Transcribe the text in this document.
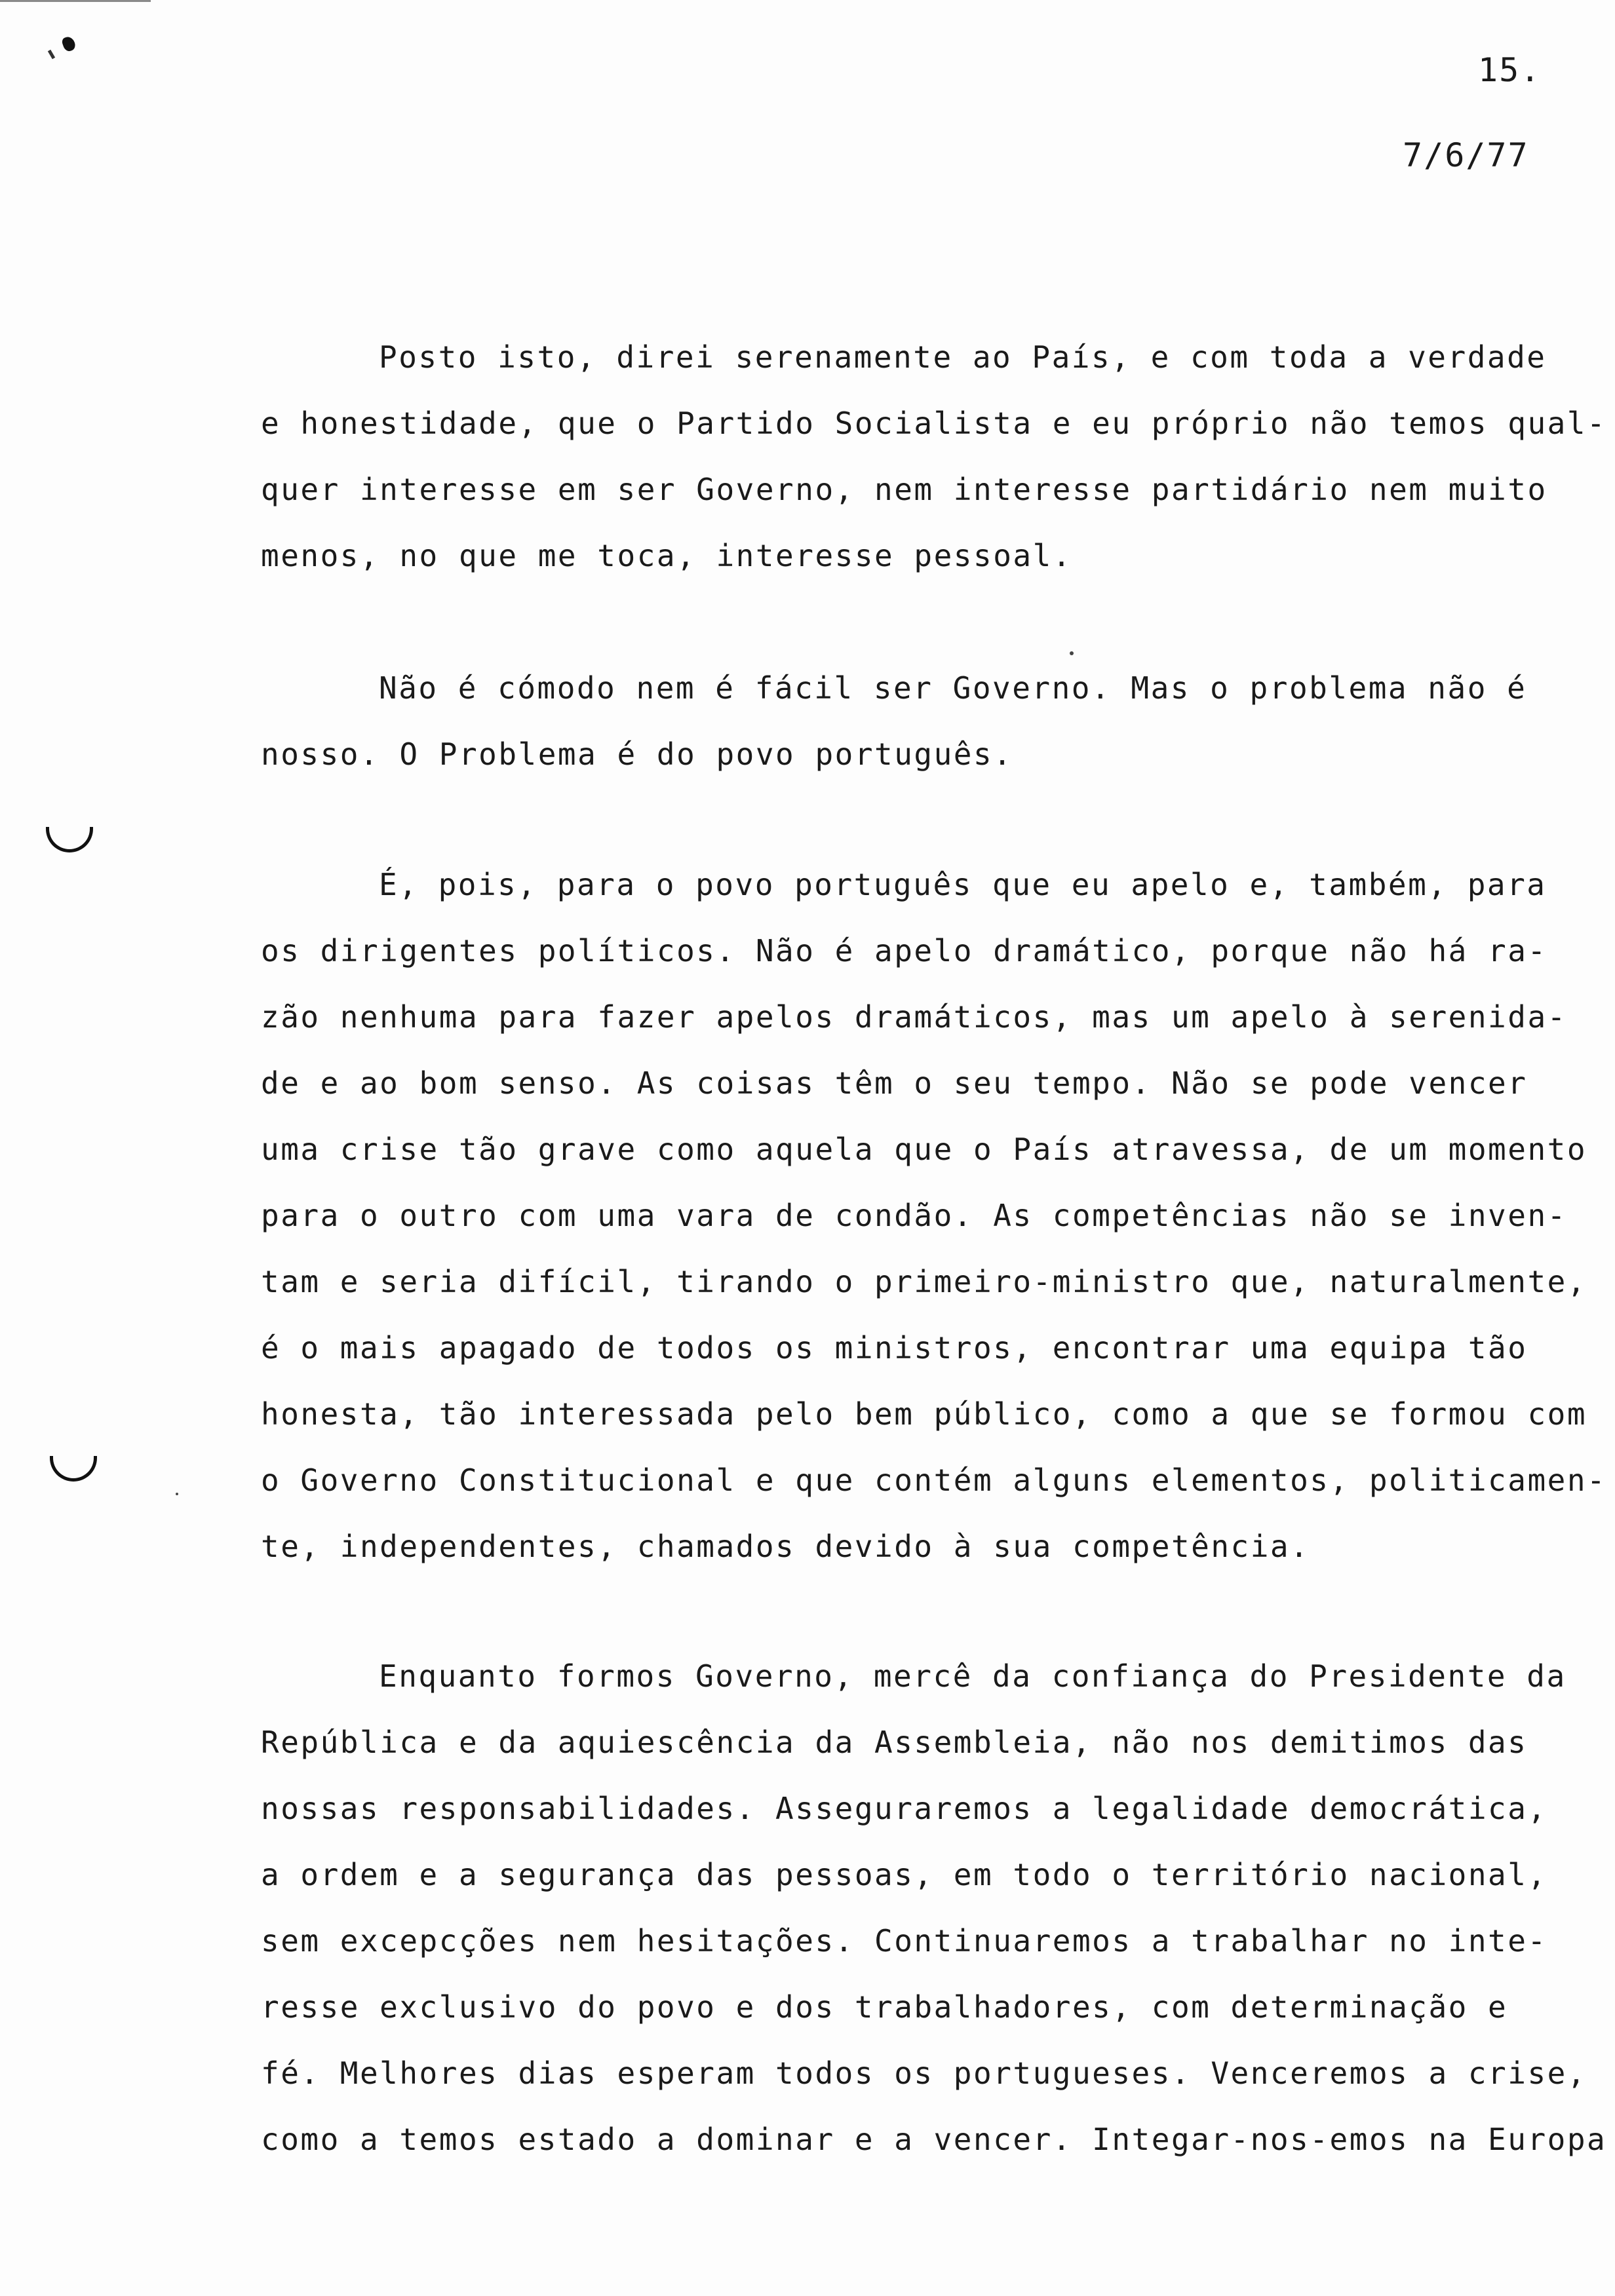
15.
7/6/77
Posto isto, direi serenamente ao País, e com toda a verdade
e honestidade, que o Partido Socialista e eu próprio não temos qual-
quer interesse em ser Governo, nem interesse partidário nem muito
menos, no que me toca, interesse pessoal.
Não é cómodo nem é fácil ser Governo. Mas o problema não é
nosso. O Problema é do povo português.
É, pois, para o povo português que eu apelo e, também, para
os dirigentes políticos. Não é apelo dramático, porque não há ra-
zão nenhuma para fazer apelos dramáticos, mas um apelo à serenida-
de e ao bom senso. As coisas têm o seu tempo. Não se pode vencer
uma crise tão grave como aquela que o País atravessa, de um momento
para o outro com uma vara de condão. As competências não se inven-
tam e seria difícil, tirando o primeiro-ministro que, naturalmente,
é o mais apagado de todos os ministros, encontrar uma equipa tão
honesta, tão interessada pelo bem público, como a que se formou com
o Governo Constitucional e que contém alguns elementos, politicamen-
te, independentes, chamados devido à sua competência.
Enquanto formos Governo, mercê da confiança do Presidente da
República e da aquiescência da Assembleia, não nos demitimos das
nossas responsabilidades. Asseguraremos a legalidade democrática,
a ordem e a segurança das pessoas, em todo o território nacional,
sem excepcções nem hesitações. Continuaremos a trabalhar no inte-
resse exclusivo do povo e dos trabalhadores, com determinação e
fé. Melhores dias esperam todos os portugueses. Venceremos a crise,
como a temos estado a dominar e a vencer. Integar-nos-emos na Europa
